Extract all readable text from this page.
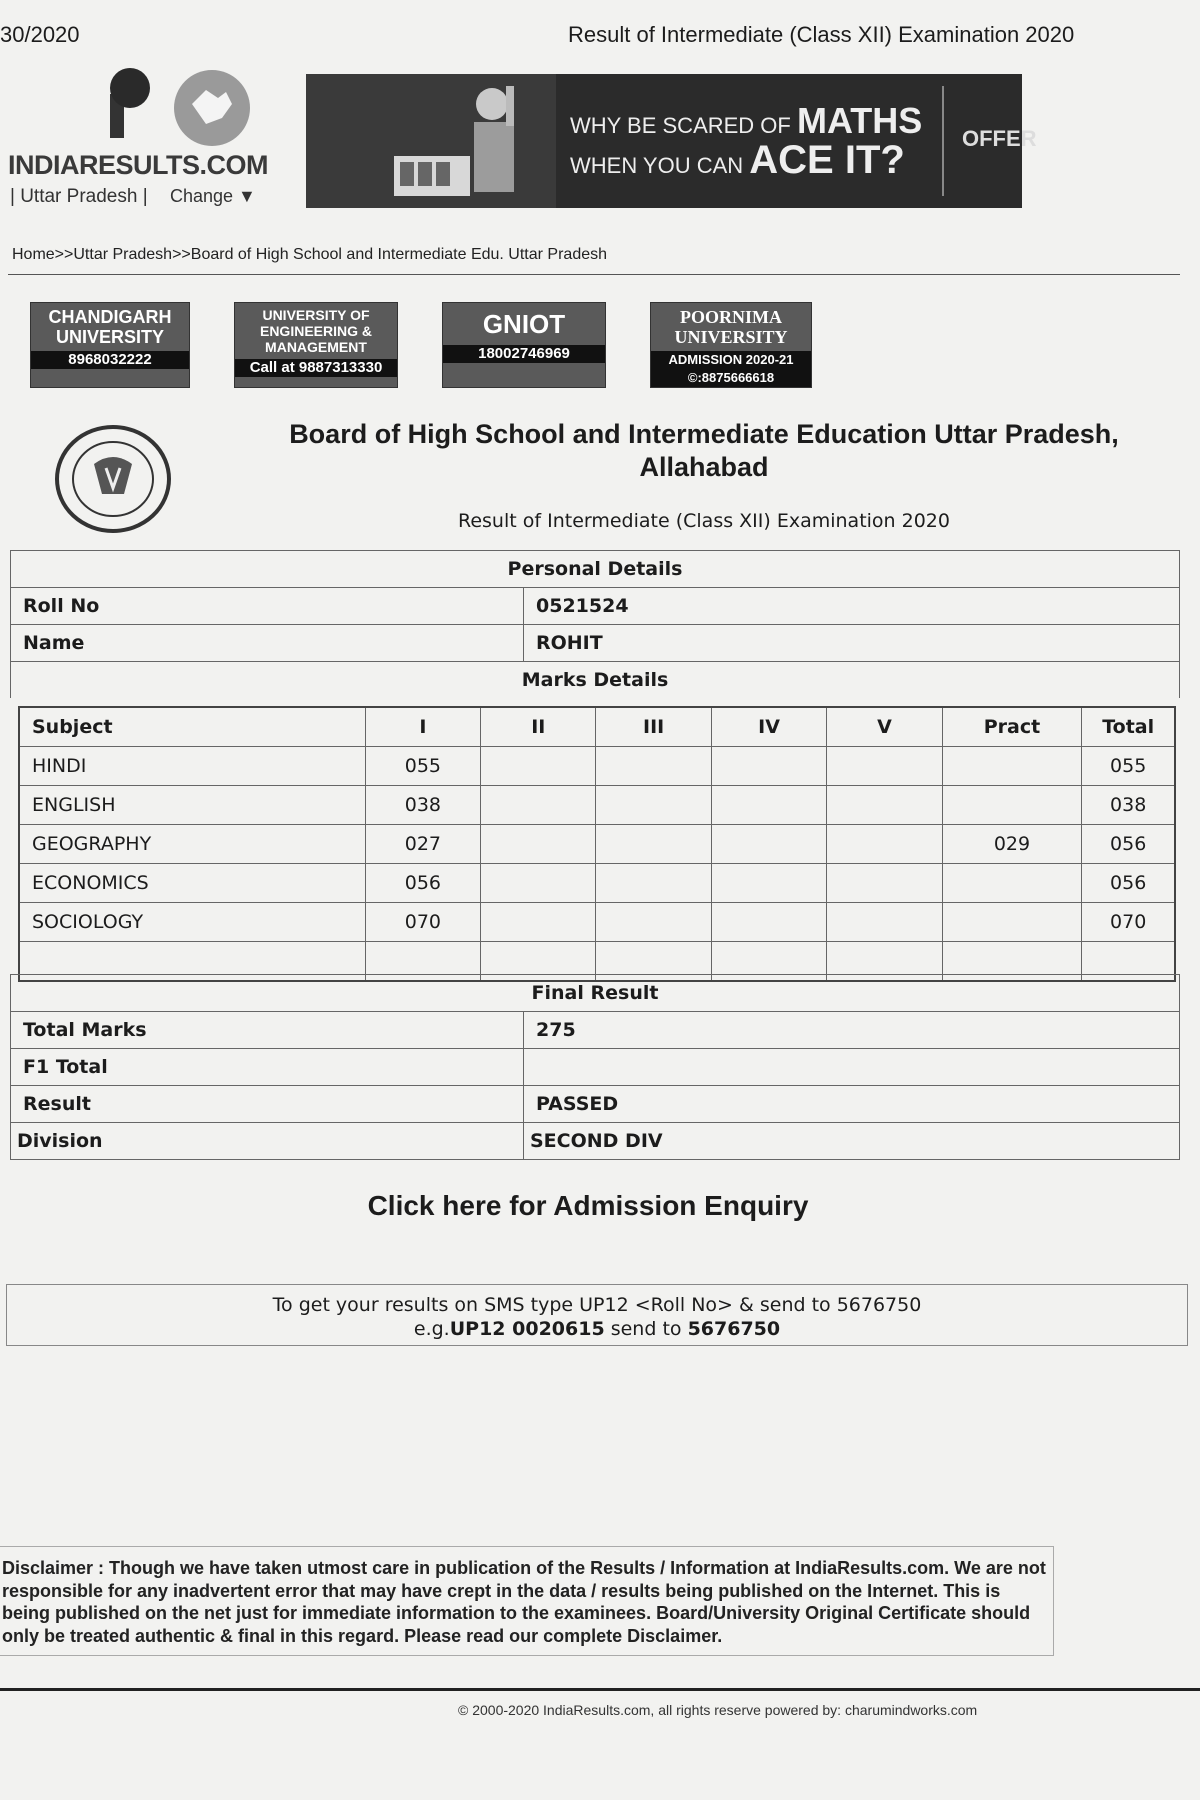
30/2020	Result of Intermediate (Class XII) Examination 2020
INDIARESULTS.COM
| Uttar Pradesh | Change ▼
WHY BE SCARED OF MATHS
WHEN YOU CAN ACE IT?	OFFER
Home>>Uttar Pradesh>>Board of High School and Intermediate Edu. Uttar Pradesh
CHANDIGARH UNIVERSITY
8968032222
UNIVERSITY OF ENGINEERING & MANAGEMENT
Call at 9887313330
GNIOT
18002746969
POORNIMA UNIVERSITY
ADMISSION 2020-21 ©:8875666618
Board of High School and Intermediate Education Uttar Pradesh, Allahabad
Result of Intermediate (Class XII) Examination 2020
Personal Details	
Roll No	0521524
Name	ROHIT
Marks Details	
Subject	I	II	III	IV	V	Pract	Total
HINDI	055						055
ENGLISH	038						038
GEOGRAPHY	027					029	056
ECONOMICS	056						056
SOCIOLOGY	070						070

Final Result	
Total Marks	275
F1 Total	
Result	PASSED
Division	SECOND DIV
Click here for Admission Enquiry
To get your results on SMS type UP12 <Roll No> & send to 5676750
e.g.UP12 0020615 send to 5676750
Disclaimer : Though we have taken utmost care in publication of the Results / Information at IndiaResults.com. We are not responsible for any inadvertent error that may have crept in the data / results being published on the Internet. This is being published on the net just for immediate information to the examinees. Board/University Original Certificate should only be treated authentic & final in this regard. Please read our complete Disclaimer.
© 2000-2020 IndiaResults.com, all rights reserve powered by: charumindworks.com
